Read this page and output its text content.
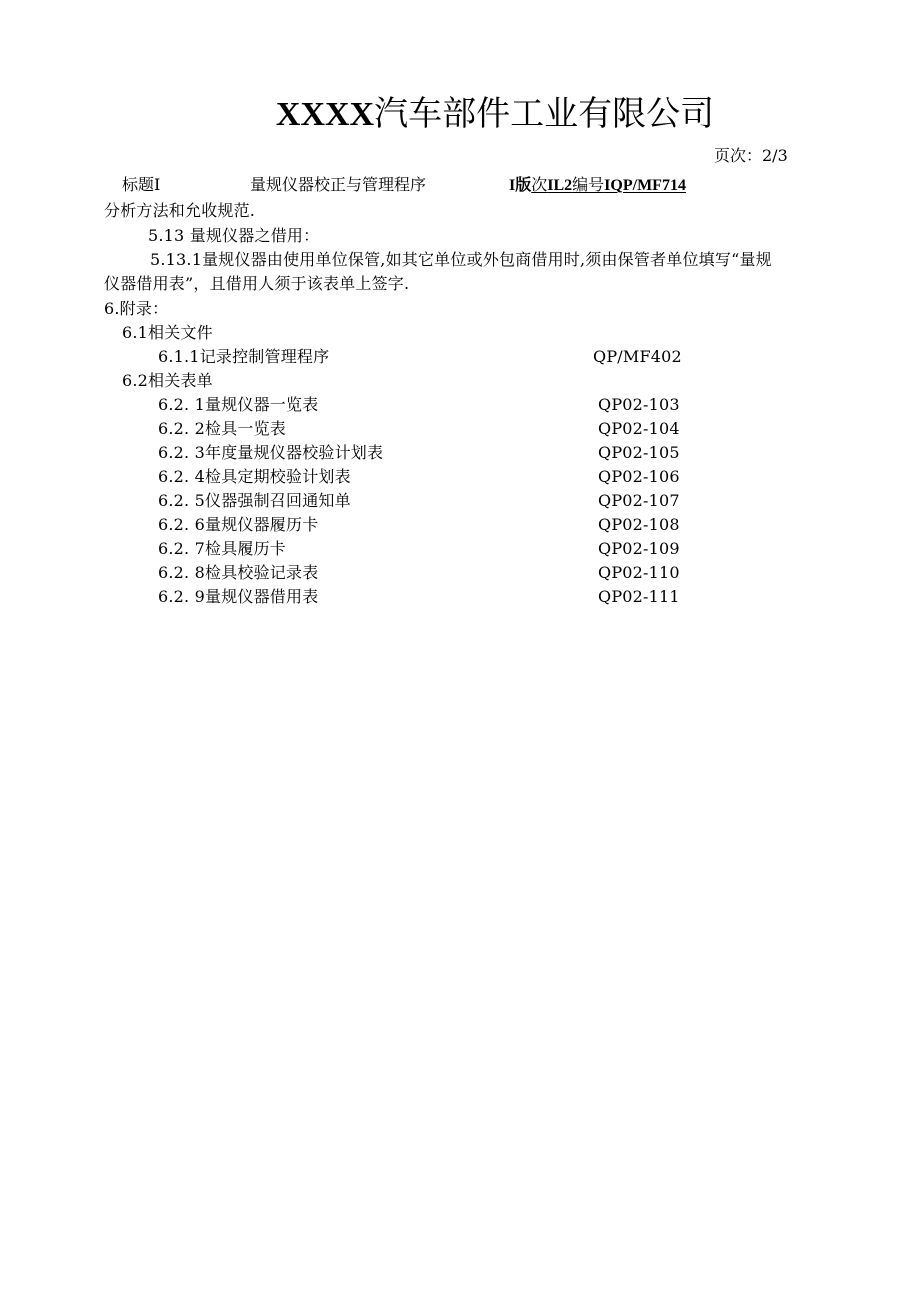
XXXX汽车部件工业有限公司
页次：2/3
标题I	量规仪器校正与管理程序	I版次IL2编号IQP/MF714
分析方法和允收规范.
5.13 量规仪器之借用：
5.13.1量规仪器由使用单位保管,如其它单位或外包商借用时,须由保管者单位填写“量规
仪器借用表”，且借用人须于该表单上签字.
6.附录：
6.1相关文件
6.1.1记录控制管理程序	QP/MF402
6.2相关表单
6.2. 1量规仪器一览表	QP02-103
6.2. 2检具一览表	QP02-104
6.2. 3年度量规仪器校验计划表	QP02-105
6.2. 4检具定期校验计划表	QP02-106
6.2. 5仪器强制召回通知单	QP02-107
6.2. 6量规仪器履历卡	QP02-108
6.2. 7检具履历卡	QP02-109
6.2. 8检具校验记录表	QP02-110
6.2. 9量规仪器借用表	QP02-111
